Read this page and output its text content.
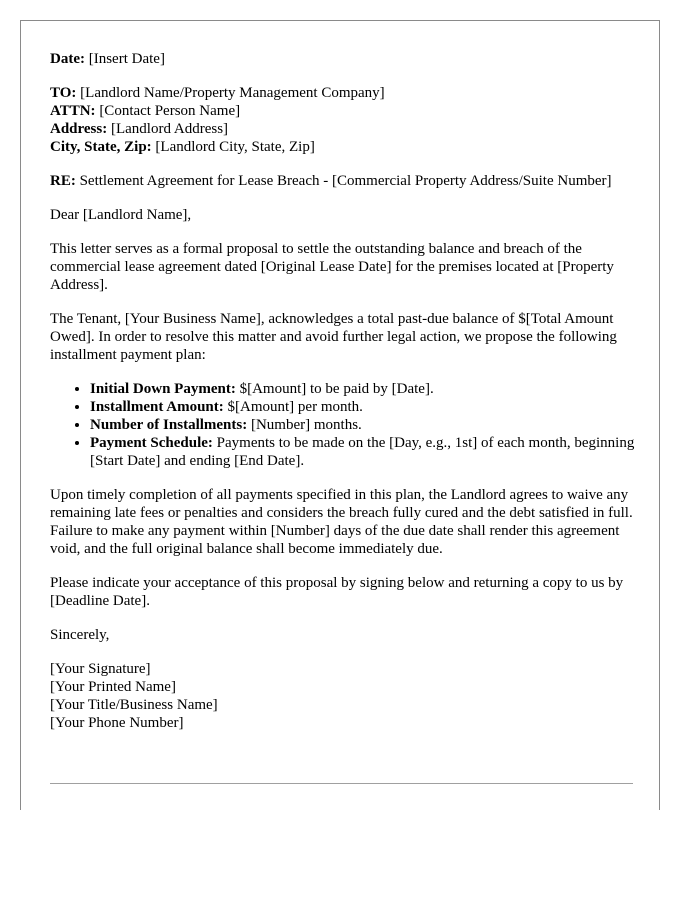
Date: [Insert Date]

TO: [Landlord Name/Property Management Company]
ATTN: [Contact Person Name]
Address: [Landlord Address]
City, State, Zip: [Landlord City, State, Zip]

RE: Settlement Agreement for Lease Breach - [Commercial Property Address/Suite Number]

Dear [Landlord Name],

This letter serves as a formal proposal to settle the outstanding balance and breach of the commercial lease agreement dated [Original Lease Date] for the premises located at [Property Address].

The Tenant, [Your Business Name], acknowledges a total past-due balance of $[Total Amount Owed]. In order to resolve this matter and avoid further legal action, we propose the following installment payment plan:

• Initial Down Payment: $[Amount] to be paid by [Date].
• Installment Amount: $[Amount] per month.
• Number of Installments: [Number] months.
• Payment Schedule: Payments to be made on the [Day, e.g., 1st] of each month, beginning [Start Date] and ending [End Date].

Upon timely completion of all payments specified in this plan, the Landlord agrees to waive any remaining late fees or penalties and considers the breach fully cured and the debt satisfied in full. Failure to make any payment within [Number] days of the due date shall render this agreement void, and the full original balance shall become immediately due.

Please indicate your acceptance of this proposal by signing below and returning a copy to us by [Deadline Date].

Sincerely,

[Your Signature]
[Your Printed Name]
[Your Title/Business Name]
[Your Phone Number]
